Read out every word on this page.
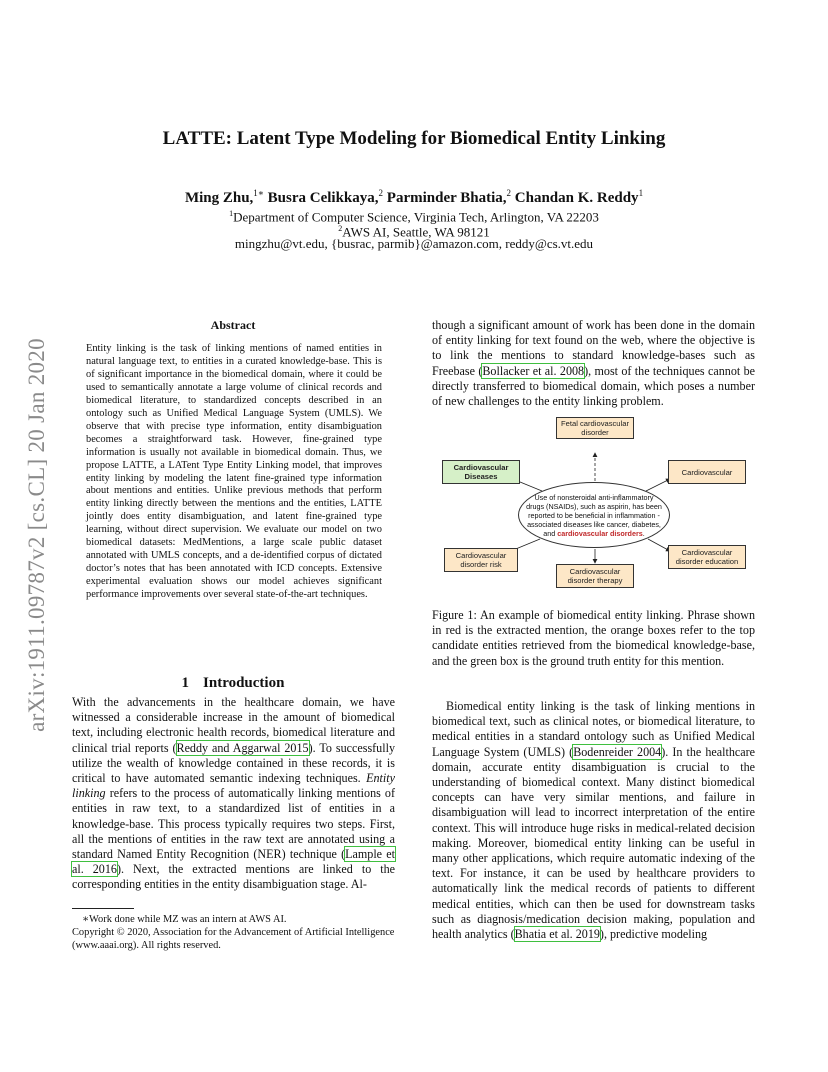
arXiv:1911.09787v2 [cs.CL] 20 Jan 2020
LATTE: Latent Type Modeling for Biomedical Entity Linking
Ming Zhu,$^{1∗}$ Busra Celikkaya,$^2$ Parminder Bhatia,$^2$ Chandan K. Reddy$^1$
$^1$Department of Computer Science, Virginia Tech, Arlington, VA 22203
$^2$AWS AI, Seattle, WA 98121
mingzhu@vt.edu, {busrac, parmib}@amazon.com, reddy@cs.vt.edu
Abstract

Entity linking is the task of linking mentions of named entities in natural language text, to entities in a curated knowledge-base. This is of significant importance in the biomedical domain, where it could be used to semantically annotate a large volume of clinical records and biomedical literature, to standardized concepts described in an ontology such as Unified Medical Language System (UMLS). We observe that with precise type information, entity disambiguation becomes a straightforward task. However, fine-grained type information is usually not available in biomedical domain. Thus, we propose LATTE, a LATent Type Entity Linking model, that improves entity linking by modeling the latent fine-grained type information about mentions and entities. Unlike previous methods that perform entity linking directly between the mentions and the entities, LATTE jointly does entity disambiguation, and latent fine-grained type learning, without direct supervision. We evaluate our model on two biomedical datasets: MedMentions, a large scale public dataset annotated with UMLS concepts, and a de-identified corpus of dictated doctor’s notes that has been annotated with ICD concepts. Extensive experimental evaluation shows our model achieves significant performance improvements over several state-of-the-art techniques.

1 Introduction

With the advancements in the healthcare domain, we have witnessed a considerable increase in the amount of biomedical text, including electronic health records, biomedical literature and clinical trial reports (Reddy and Aggarwal 2015). To successfully utilize the wealth of knowledge contained in these records, it is critical to have automated semantic indexing techniques. Entity linking refers to the process of automatically linking mentions of entities in raw text, to a standardized list of entities in a knowledge-base. This process typically requires two steps. First, all the mentions of entities in the raw text are annotated using a standard Named Entity Recognition (NER) technique (Lample et al. 2016). Next, the extracted mentions are linked to the corresponding entities in the entity disambiguation stage. Al-

∗Work done while MZ was an intern at AWS AI.

Copyright © 2020, Association for the Advancement of Artificial Intelligence (www.aaai.org). All rights reserved.

though a significant amount of work has been done in the domain of entity linking for text found on the web, where the objective is to link the mentions to standard knowledge-bases such as Freebase (Bollacker et al. 2008), most of the techniques cannot be directly transferred to biomedical domain, which poses a number of new challenges to the entity linking problem.

Cardiovascular Diseases
Fetal cardiovascular disorder
Cardiovascular
Cardiovascular disorder risk
Cardiovascular disorder therapy
Cardiovascular disorder education
Use of nonsteroidal anti-inflammatory drugs (NSAIDs), such as aspirin, has been reported to be beneficial in inflammation - associated diseases like cancer, diabetes, and cardiovascular disorders.
Figure 1: An example of biomedical entity linking. Phrase shown in red is the extracted mention, the orange boxes refer to the top candidate entities retrieved from the biomedical knowledge-base, and the green box is the ground truth entity for this mention.

Biomedical entity linking is the task of linking mentions in biomedical text, such as clinical notes, or biomedical literature, to medical entities in a standard ontology such as Unified Medical Language System (UMLS) (Bodenreider 2004). In the healthcare domain, accurate entity disambiguation is crucial to the understanding of biomedical context. Many distinct biomedical concepts can have very similar mentions, and failure in disambiguation will lead to incorrect interpretation of the entire context. This will introduce huge risks in medical-related decision making. Moreover, biomedical entity linking can be useful in many other applications, which require automatic indexing of the text. For instance, it can be used by healthcare providers to automatically link the medical records of patients to different medical entities, which can then be used for downstream tasks such as diagnosis/medication decision making, population and health analytics (Bhatia et al. 2019), predictive modeling
